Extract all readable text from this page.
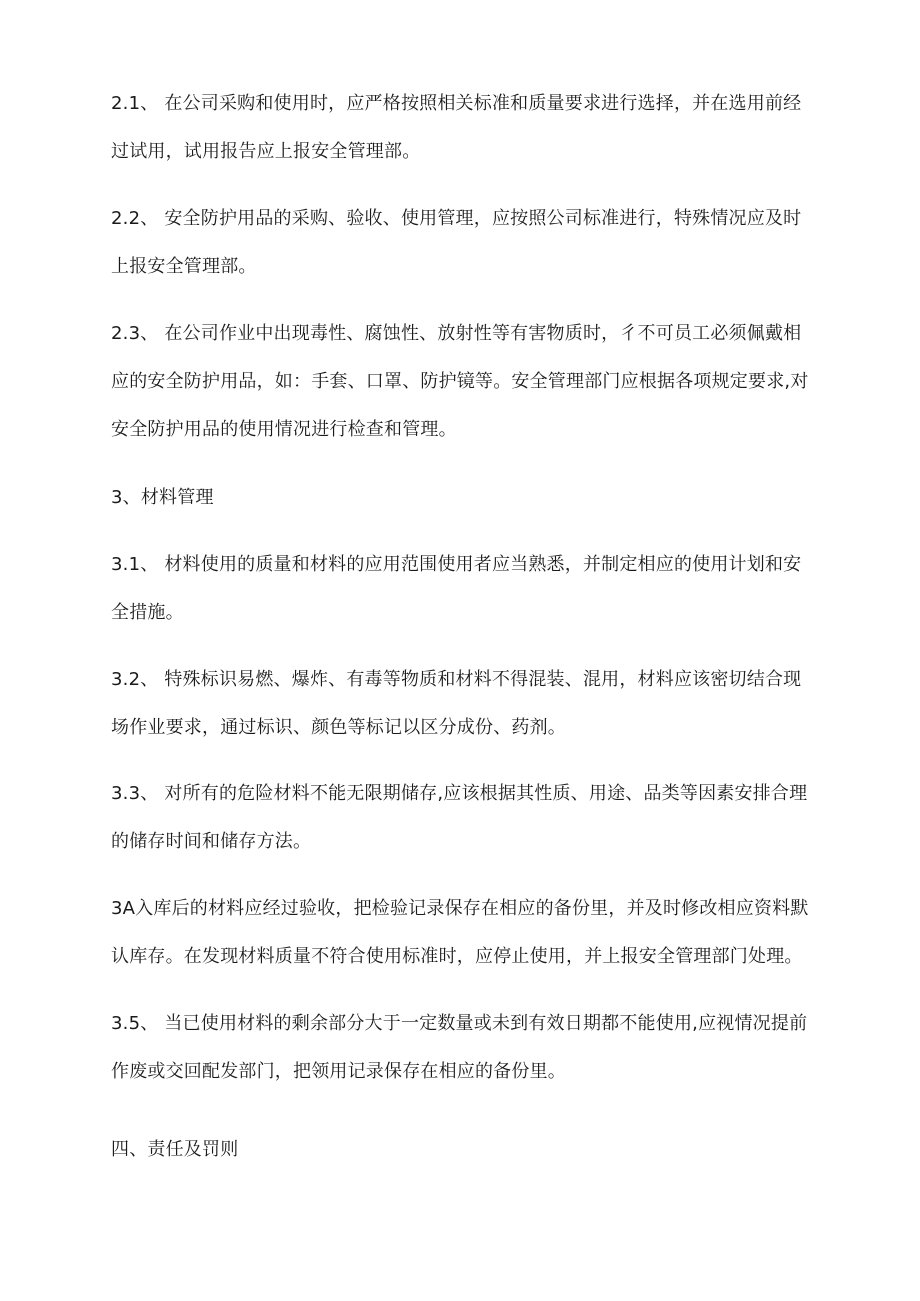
2.1、 在公司采购和使用时，应严格按照相关标准和质量要求进行选择，并在选用前经
过试用，试用报告应上报安全管理部。

2.2、 安全防护用品的采购、验收、使用管理，应按照公司标准进行，特殊情况应及时
上报安全管理部。

2.3、 在公司作业中出现毒性、腐蚀性、放射性等有害物质时，彳不可员工必须佩戴相
应的安全防护用品，如：手套、口罩、防护镜等。安全管理部门应根据各项规定要求,对
安全防护用品的使用情况进行检查和管理。

3、材料管理

3.1、 材料使用的质量和材料的应用范围使用者应当熟悉，并制定相应的使用计划和安
全措施。

3.2、 特殊标识易燃、爆炸、有毒等物质和材料不得混装、混用，材料应该密切结合现
场作业要求，通过标识、颜色等标记以区分成份、药剂。

3.3、 对所有的危险材料不能无限期储存,应该根据其性质、用途、品类等因素安排合理
的储存时间和储存方法。

3A入库后的材料应经过验收，把检验记录保存在相应的备份里，并及时修改相应资料默
认库存。在发现材料质量不符合使用标准时，应停止使用，并上报安全管理部门处理。

3.5、 当已使用材料的剩余部分大于一定数量或未到有效日期都不能使用,应视情况提前
作废或交回配发部门，把领用记录保存在相应的备份里。

四、责任及罚则
